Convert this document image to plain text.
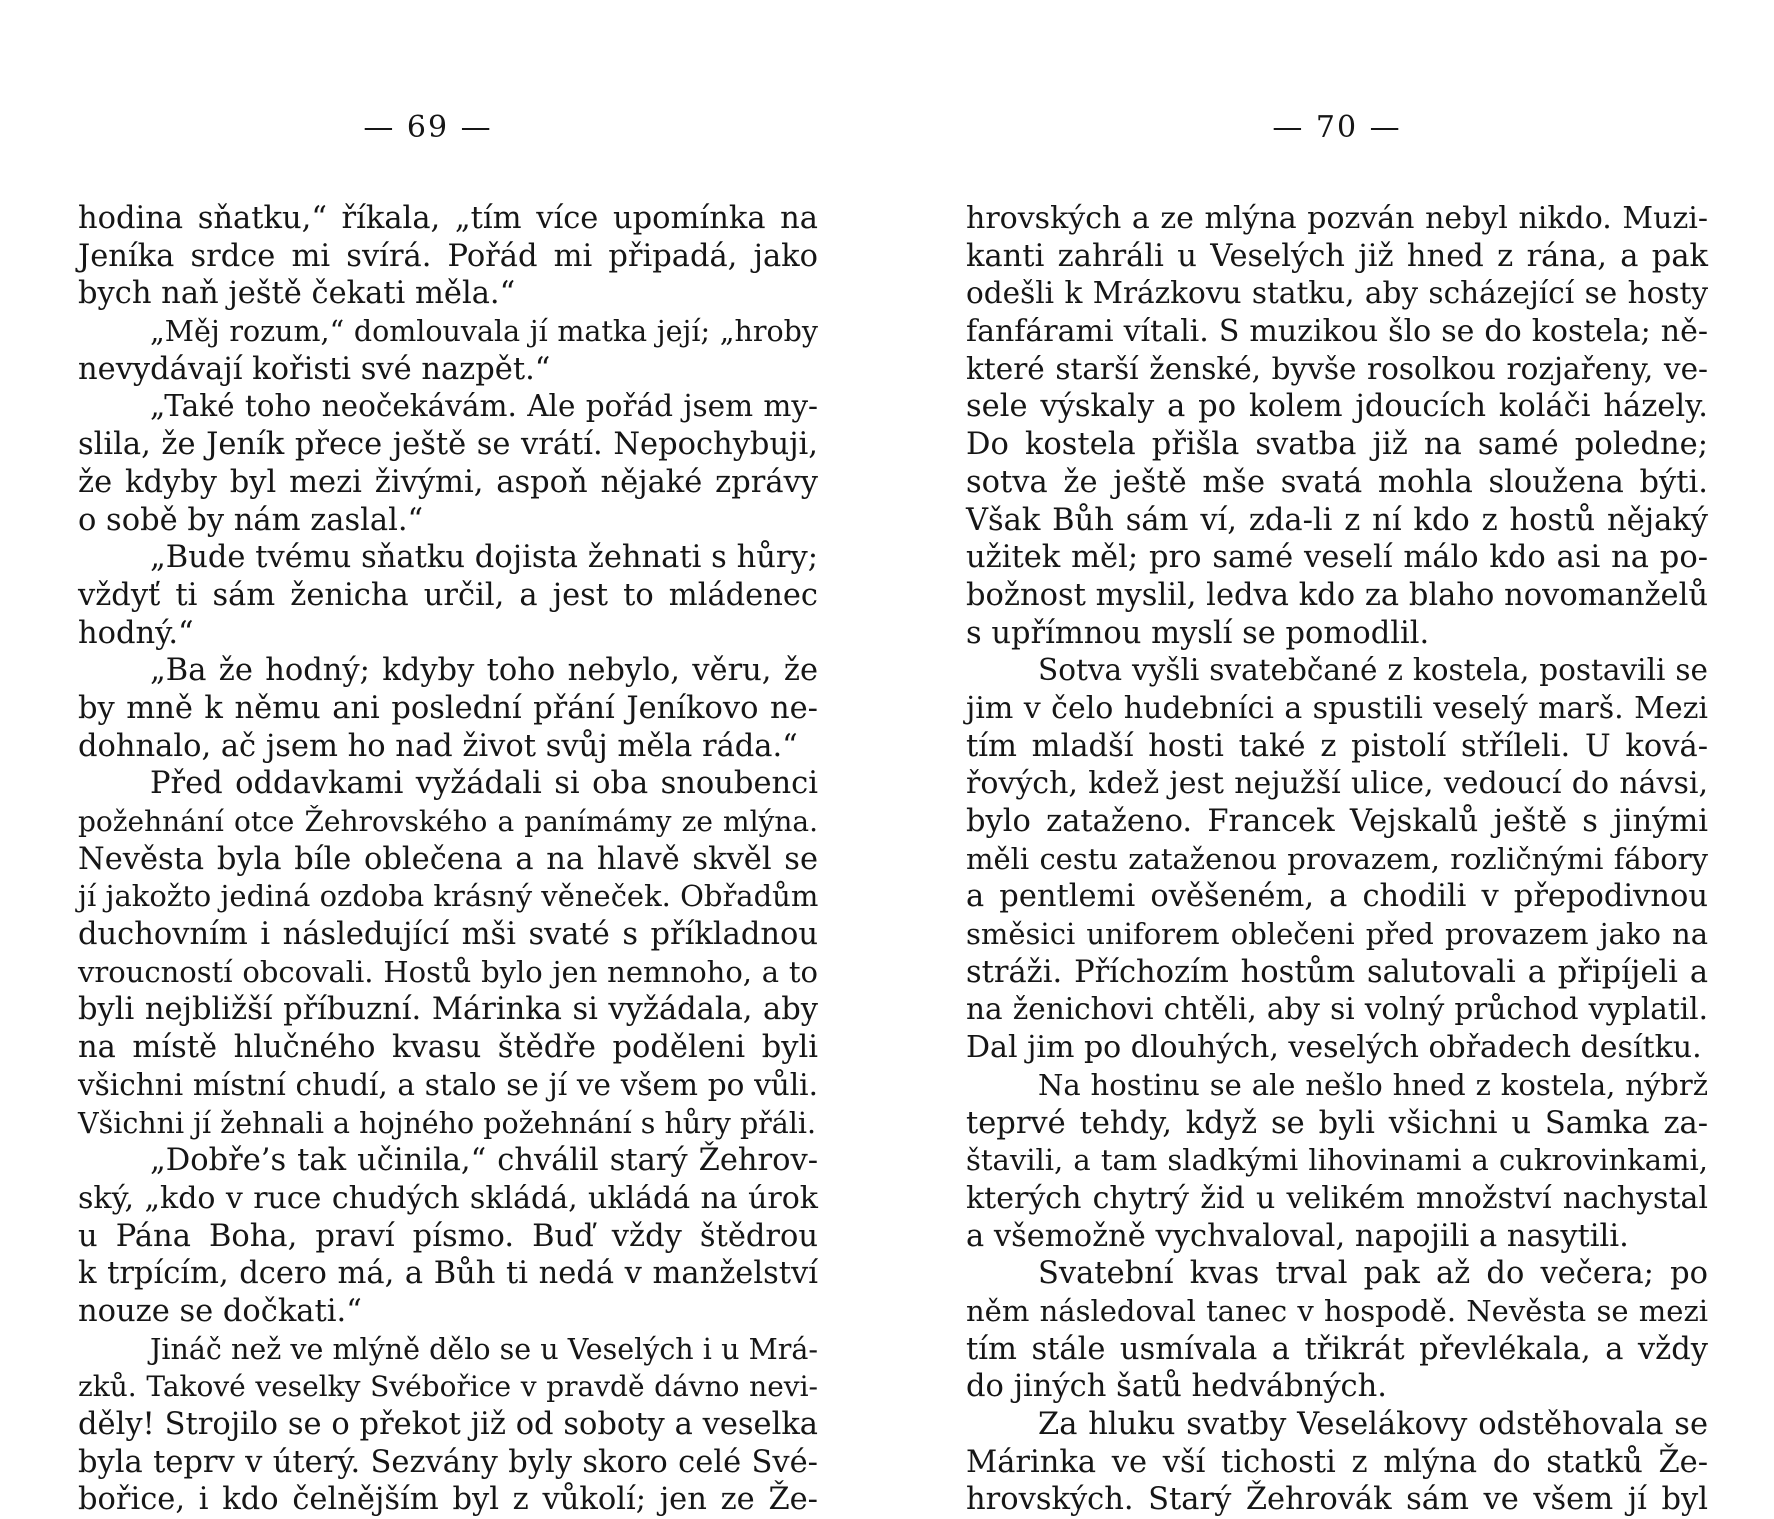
— 69 —
hodina sňatku,“ říkala, „tím více upomínka na
Jeníka srdce mi svírá. Pořád mi připadá, jako
bych naň ještě čekati měla.“
„Měj rozum,“ domlouvala jí matka její; „hroby
nevydávají kořisti své nazpět.“
„Také toho neočekávám. Ale pořád jsem my-
slila, že Jeník přece ještě se vrátí. Nepochybuji,
že kdyby byl mezi živými, aspoň nějaké zprávy
o sobě by nám zaslal.“
„Bude tvému sňatku dojista žehnati s hůry;
vždyť ti sám ženicha určil, a jest to mládenec
hodný.“
„Ba že hodný; kdyby toho nebylo, věru, že
by mně k němu ani poslední přání Jeníkovo ne-
dohnalo, ač jsem ho nad život svůj měla ráda.“
Před oddavkami vyžádali si oba snoubenci
požehnání otce Žehrovského a panímámy ze mlýna.
Nevěsta byla bíle oblečena a na hlavě skvěl se
jí jakožto jediná ozdoba krásný věneček. Obřadům
duchovním i následující mši svaté s příkladnou
vroucností obcovali. Hostů bylo jen nemnoho, a to
byli nejbližší příbuzní. Márinka si vyžádala, aby
na místě hlučného kvasu štědře poděleni byli
všichni místní chudí, a stalo se jí ve všem po vůli.
Všichni jí žehnali a hojného požehnání s hůry přáli.
„Dobře’s tak učinila,“ chválil starý Žehrov-
ský, „kdo v ruce chudých skládá, ukládá na úrok
u Pána Boha, praví písmo. Buď vždy štědrou
k trpícím, dcero má, a Bůh ti nedá v manželství
nouze se dočkati.“
Jináč než ve mlýně dělo se u Veselých i u Mrá-
zků. Takové veselky Svébořice v pravdě dávno nevi-
děly! Strojilo se o překot již od soboty a veselka
byla teprv v úterý. Sezvány byly skoro celé Své-
bořice, i kdo čelnějším byl z vůkolí; jen ze Že-
— 70 —
hrovských a ze mlýna pozván nebyl nikdo. Muzi-
kanti zahráli u Veselých již hned z rána, a pak
odešli k Mrázkovu statku, aby scházející se hosty
fanfárami vítali. S muzikou šlo se do kostela; ně-
které starší ženské, byvše rosolkou rozjařeny, ve-
sele výskaly a po kolem jdoucích koláči házely.
Do kostela přišla svatba již na samé poledne;
sotva že ještě mše svatá mohla sloužena býti.
Však Bůh sám ví, zda-li z ní kdo z hostů nějaký
užitek měl; pro samé veselí málo kdo asi na po-
božnost myslil, ledva kdo za blaho novomanželů
s upřímnou myslí se pomodlil.
Sotva vyšli svatebčané z kostela, postavili se
jim v čelo hudebníci a spustili veselý marš. Mezi
tím mladší hosti také z pistolí stříleli. U ková-
řových, kdež jest nejužší ulice, vedoucí do návsi,
bylo zataženo. Francek Vejskalů ještě s jinými
měli cestu zataženou provazem, rozličnými fábory
a pentlemi ověšeném, a chodili v přepodivnou
směsici uniforem oblečeni před provazem jako na
stráži. Příchozím hostům salutovali a připíjeli a
na ženichovi chtěli, aby si volný průchod vyplatil.
Dal jim po dlouhých, veselých obřadech desítku.
Na hostinu se ale nešlo hned z kostela, nýbrž
teprvé tehdy, když se byli všichni u Samka za-
štavili, a tam sladkými lihovinami a cukrovinkami,
kterých chytrý žid u velikém množství nachystal
a všemožně vychvaloval, napojili a nasytili.
Svatební kvas trval pak až do večera; po
něm následoval tanec v hospodě. Nevěsta se mezi
tím stále usmívala a třikrát převlékala, a vždy
do jiných šatů hedvábných.
Za hluku svatby Veselákovy odstěhovala se
Márinka ve vší tichosti z mlýna do statků Že-
hrovských. Starý Žehrovák sám ve všem jí byl
